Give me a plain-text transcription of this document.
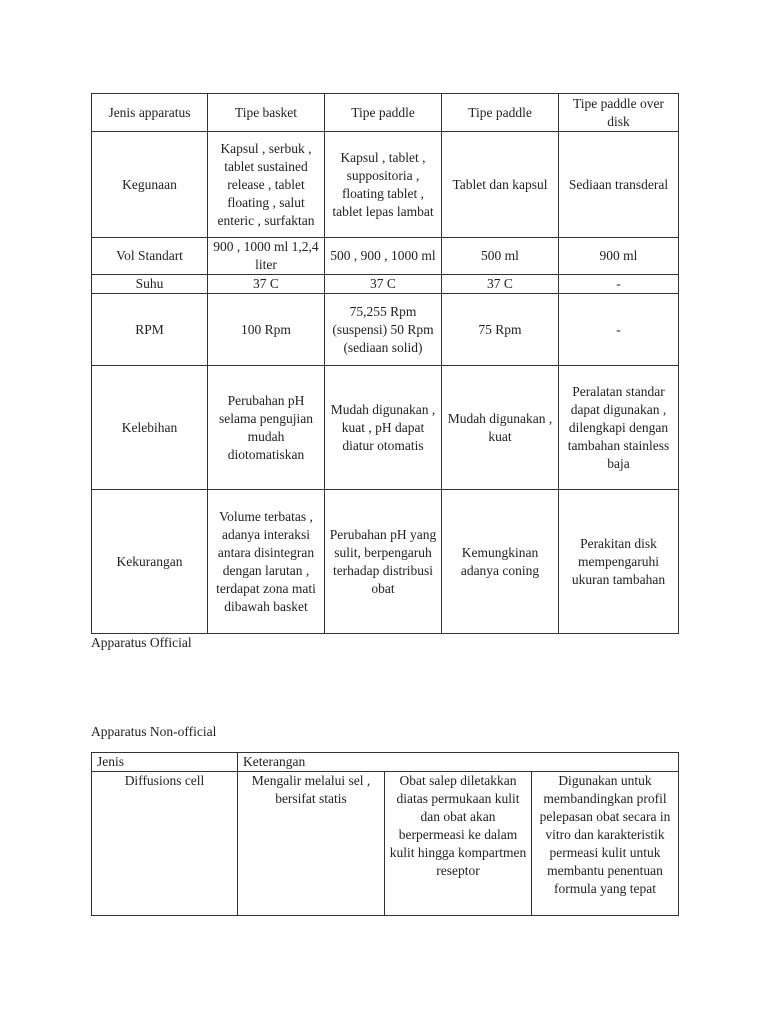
Jenis apparatus	Tipe basket	Tipe paddle	Tipe paddle	Tipe paddle over disk
Kegunaan	Kapsul , serbuk , tablet sustained release , tablet floating , salut enteric , surfaktan	Kapsul , tablet , suppositoria , floating tablet , tablet lepas lambat	Tablet dan kapsul	Sediaan transderal
Vol Standart	900 , 1000 ml 1,2,4 liter	500 , 900 , 1000 ml	500 ml	900 ml
Suhu	37 C	37 C	37 C	-
RPM	100 Rpm	75,255 Rpm (suspensi) 50 Rpm (sediaan solid)	75 Rpm	-
Kelebihan	Perubahan pH selama pengujian mudah diotomatiskan	Mudah digunakan , kuat , pH dapat diatur otomatis	Mudah digunakan , kuat	Peralatan standar dapat digunakan , dilengkapi dengan tambahan stainless baja
Kekurangan	Volume terbatas , adanya interaksi antara disintegran dengan larutan , terdapat zona mati dibawah basket	Perubahan pH yang sulit, berpengaruh terhadap distribusi obat	Kemungkinan adanya coning	Perakitan disk mempengaruhi ukuran tambahan
Apparatus Official
Apparatus Non-official
Jenis	Keterangan		
Diffusions cell	Mengalir melalui sel , bersifat statis	Obat salep diletakkan diatas permukaan kulit dan obat akan berpermeasi ke dalam kulit hingga kompartmen reseptor	Digunakan untuk membandingkan profil pelepasan obat secara in vitro dan karakteristik permeasi kulit untuk membantu penentuan formula yang tepat
